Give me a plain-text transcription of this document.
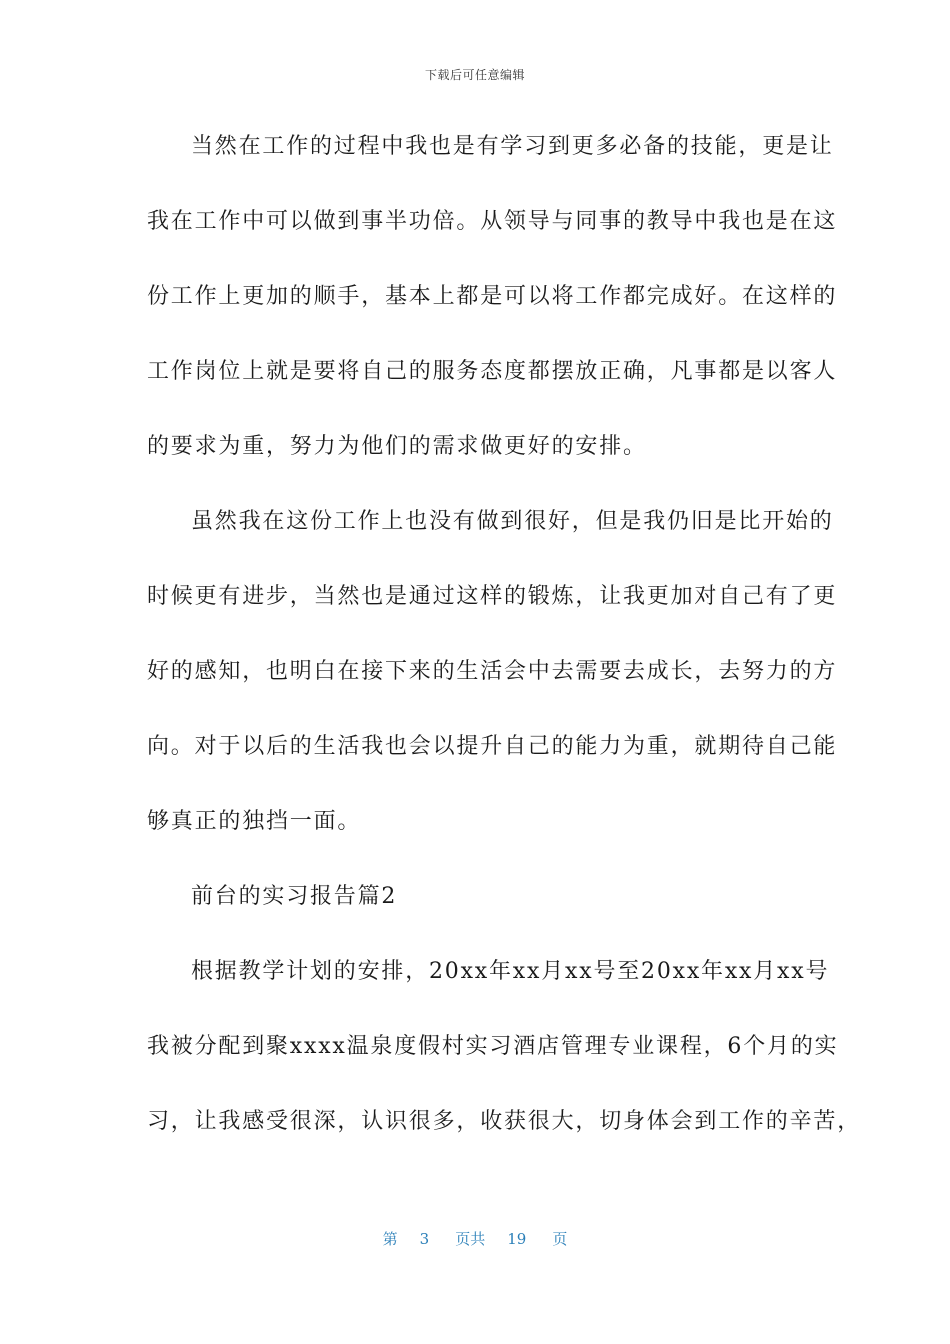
下载后可任意编辑
当然在工作的过程中我也是有学习到更多必备的技能，更是让
我在工作中可以做到事半功倍。从领导与同事的教导中我也是在这
份工作上更加的顺手，基本上都是可以将工作都完成好。在这样的
工作岗位上就是要将自己的服务态度都摆放正确，凡事都是以客人
的要求为重，努力为他们的需求做更好的安排。
虽然我在这份工作上也没有做到很好，但是我仍旧是比开始的
时候更有进步，当然也是通过这样的锻炼，让我更加对自己有了更
好的感知，也明白在接下来的生活会中去需要去成长，去努力的方
向。对于以后的生活我也会以提升自己的能力为重，就期待自己能
够真正的独挡一面。
前台的实习报告篇2
根据教学计划的安排，20xx年xx月xx号至20xx年xx月xx号
我被分配到聚xxxx温泉度假村实习酒店管理专业课程，6个月的实
习，让我感受很深，认识很多，收获很大，切身体会到工作的辛苦，
第 3 页共 19 页
